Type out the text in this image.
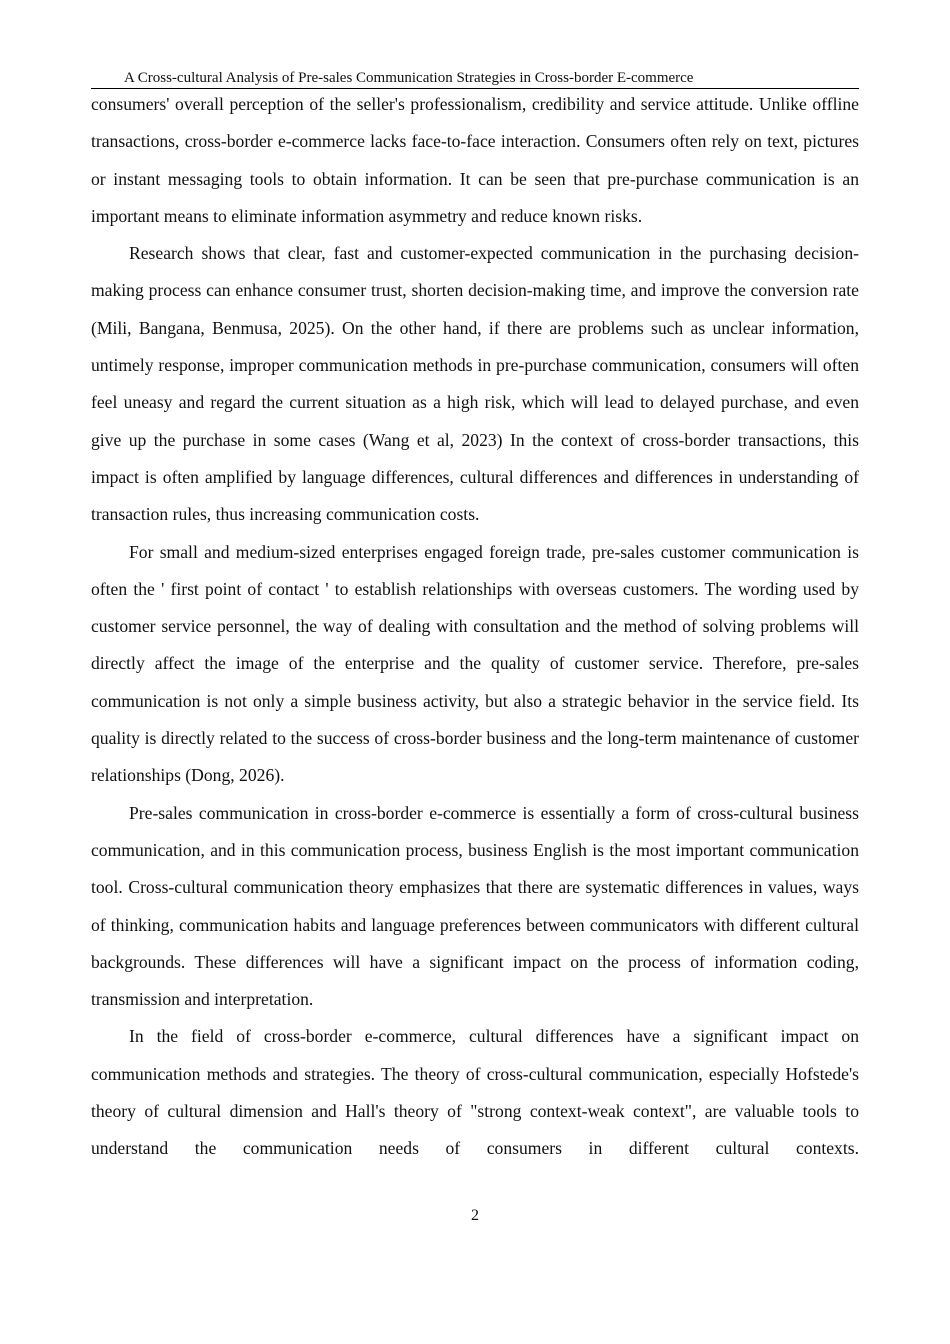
A Cross-cultural Analysis of Pre-sales Communication Strategies in Cross-border E-commerce

consumers' overall perception of the seller's professionalism, credibility and service attitude. Unlike offline transactions, cross-border e-commerce lacks face-to-face interaction. Consumers often rely on text, pictures or instant messaging tools to obtain information. It can be seen that pre-purchase communication is an important means to eliminate information asymmetry and reduce known risks.

Research shows that clear, fast and customer-expected communication in the purchasing decision-making process can enhance consumer trust, shorten decision-making time, and improve the conversion rate (Mili, Bangana, Benmusa, 2025). On the other hand, if there are problems such as unclear information, untimely response, improper communication methods in pre-purchase communication, consumers will often feel uneasy and regard the current situation as a high risk, which will lead to delayed purchase, and even give up the purchase in some cases (Wang et al, 2023) In the context of cross-border transactions, this impact is often amplified by language differences, cultural differences and differences in understanding of transaction rules, thus increasing communication costs.

For small and medium-sized enterprises engaged foreign trade, pre-sales customer communication is often the ' first point of contact ' to establish relationships with overseas customers. The wording used by customer service personnel, the way of dealing with consultation and the method of solving problems will directly affect the image of the enterprise and the quality of customer service. Therefore, pre-sales communication is not only a simple business activity, but also a strategic behavior in the service field. Its quality is directly related to the success of cross-border business and the long-term maintenance of customer relationships (Dong, 2026).

Pre-sales communication in cross-border e-commerce is essentially a form of cross-cultural business communication, and in this communication process, business English is the most important communication tool. Cross-cultural communication theory emphasizes that there are systematic differences in values, ways of thinking, communication habits and language preferences between communicators with different cultural backgrounds. These differences will have a significant impact on the process of information coding, transmission and interpretation.

In the field of cross-border e-commerce, cultural differences have a significant impact on communication methods and strategies. The theory of cross-cultural communication, especially Hofstede's theory of cultural dimension and Hall's theory of "strong context-weak context", are valuable tools to understand the communication needs of consumers in different cultural contexts.

2
